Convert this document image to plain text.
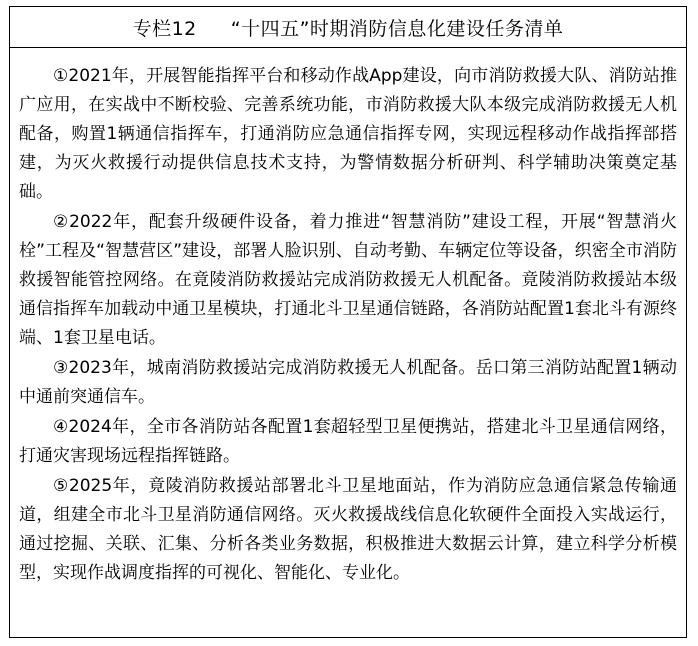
专栏12 “十四五”时期消防信息化建设任务清单

①2021年，开展智能指挥平台和移动作战App建设，向市消防救援大队、消防站推广应用，在实战中不断校验、完善系统功能，市消防救援大队本级完成消防救援无人机配备，购置1辆通信指挥车，打通消防应急通信指挥专网，实现远程移动作战指挥部搭建，为灭火救援行动提供信息技术支持，为警情数据分析研判、科学辅助决策奠定基础。

②2022年，配套升级硬件设备，着力推进“智慧消防”建设工程，开展“智慧消火栓”工程及“智慧营区”建设，部署人脸识别、自动考勤、车辆定位等设备，织密全市消防救援智能管控网络。在竟陵消防救援站完成消防救援无人机配备。竟陵消防救援站本级通信指挥车加载动中通卫星模块，打通北斗卫星通信链路，各消防站配置1套北斗有源终端、1套卫星电话。

③2023年，城南消防救援站完成消防救援无人机配备。岳口第三消防站配置1辆动中通前突通信车。

④2024年，全市各消防站各配置1套超轻型卫星便携站，搭建北斗卫星通信网络，打通灾害现场远程指挥链路。

⑤2025年，竟陵消防救援站部署北斗卫星地面站，作为消防应急通信紧急传输通道，组建全市北斗卫星消防通信网络。灭火救援战线信息化软硬件全面投入实战运行，通过挖掘、关联、汇集、分析各类业务数据，积极推进大数据云计算，建立科学分析模型，实现作战调度指挥的可视化、智能化、专业化。
